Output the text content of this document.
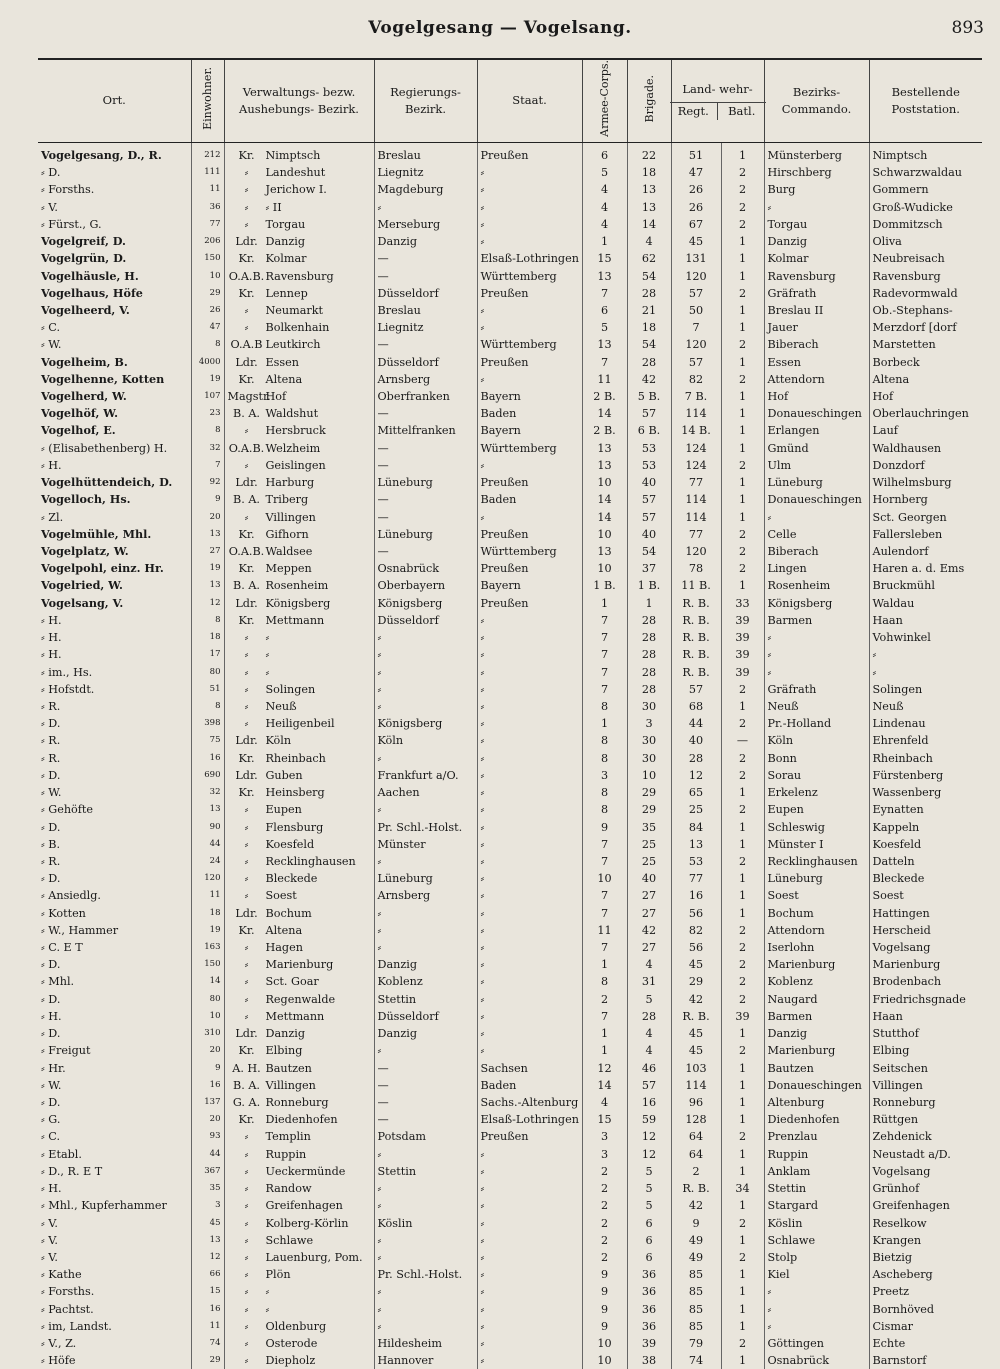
Vogelgesang — Vogelsang.	893
Ort.	Einwohner.	Verwaltungs- bezw. Aushebungs- Bezirk.	Regierungs- Bezirk.	Staat.	Armee-Corps.	Brigade.	Land- wehr-
Regt. Batl.		Bezirks- Commando.	Bestellende Poststation.
Vogelgesang, D., R.	212	Kr. Nimptsch	Breslau	Preußen	6	22	51	1	Münsterberg	Nimptsch
⸗ D.	111	⸗ Landeshut	Liegnitz	⸗	5	18	47	2	Hirschberg	Schwarzwaldau
⸗ Forsths.	11	⸗ Jerichow I.	Magdeburg	⸗	4	13	26	2	Burg	Gommern
⸗ V.	36	⸗ ⸗ II	⸗	⸗	4	13	26	2	⸗	Groß-Wudicke
⸗ Fürst., G.	77	⸗ Torgau	Merseburg	⸗	4	14	67	2	Torgau	Dommitzsch
Vogelgreif, D.	206	Ldr. Danzig	Danzig	⸗	1	4	45	1	Danzig	Oliva
Vogelgrün, D.	150	Kr. Kolmar	—	Elsaß-Lothringen	15	62	131	1	Kolmar	Neubreisach
Vogelhäusle, H.	10	O.A.B.Ravensburg	—	Württemberg	13	54	120	1	Ravensburg	Ravensburg
Vogelhaus, Höfe	29	Kr. Lennep	Düsseldorf	Preußen	7	28	57	2	Gräfrath	Radevormwald
Vogelheerd, V.	26	⸗ Neumarkt	Breslau	⸗	6	21	50	1	Breslau II	Ob.-Stephans-
⸗ C.	47	⸗ Bolkenhain	Liegnitz	⸗	5	18	7	1	Jauer	Merzdorf [dorf
⸗ W.	8	O.A.B Leutkirch	—	Württemberg	13	54	120	2	Biberach	Marstetten
Vogelheim, B.	4000	Ldr. Essen	Düsseldorf	Preußen	7	28	57	1	Essen	Borbeck
Vogelhenne, Kotten	19	Kr. Altena	Arnsberg	⸗	11	42	82	2	Attendorn	Altena
Vogelherd, W.	107	Magstr.Hof	Oberfranken	Bayern	2 B.	5 B.	7 B.	1	Hof	Hof
Vogelhöf, W.	23	B. A. Waldshut	—	Baden	14	57	114	1	Donaueschingen	Oberlauchringen
Vogelhof, E.	8	⸗ Hersbruck	Mittelfranken	Bayern	2 B.	6 B.	14 B.	1	Erlangen	Lauf
⸗ (Elisabethenberg) H.	32	O.A.B.Welzheim	—	Württemberg	13	53	124	1	Gmünd	Waldhausen
⸗ H.	7	⸗ Geislingen	—	⸗	13	53	124	2	Ulm	Donzdorf
Vogelhüttendeich, D.	92	Ldr. Harburg	Lüneburg	Preußen	10	40	77	1	Lüneburg	Wilhelmsburg
Vogelloch, Hs.	9	B. A. Triberg	—	Baden	14	57	114	1	Donaueschingen	Hornberg
⸗ Zl.	20	⸗ Villingen	—	⸗	14	57	114	1	⸗	Sct. Georgen
Vogelmühle, Mhl.	13	Kr. Gifhorn	Lüneburg	Preußen	10	40	77	2	Celle	Fallersleben
Vogelplatz, W.	27	O.A.B.Waldsee	—	Württemberg	13	54	120	2	Biberach	Aulendorf
Vogelpohl, einz. Hr.	19	Kr. Meppen	Osnabrück	Preußen	10	37	78	2	Lingen	Haren a. d. Ems
Vogelried, W.	13	B. A. Rosenheim	Oberbayern	Bayern	1 B.	1 B.	11 B.	1	Rosenheim	Bruckmühl
Vogelsang, V.	12	Ldr. Königsberg	Königsberg	Preußen	1	1	R. B.	33	Königsberg	Waldau
⸗ H.	8	Kr. Mettmann	Düsseldorf	⸗	7	28	R. B.	39	Barmen	Haan
⸗ H.	18	⸗ ⸗	⸗	⸗	7	28	R. B.	39	⸗	Vohwinkel
⸗ H.	17	⸗ ⸗	⸗	⸗	7	28	R. B.	39	⸗	⸗
⸗ im., Hs.	80	⸗ ⸗	⸗	⸗	7	28	R. B.	39	⸗	⸗
⸗ Hofstdt.	51	⸗ Solingen	⸗	⸗	7	28	57	2	Gräfrath	Solingen
⸗ R.	8	⸗ Neuß	⸗	⸗	8	30	68	1	Neuß	Neuß
⸗ D.	398	⸗ Heiligenbeil	Königsberg	⸗	1	3	44	2	Pr.-Holland	Lindenau
⸗ R.	75	Ldr. Köln	Köln	⸗	8	30	40	—	Köln	Ehrenfeld
⸗ R.	16	Kr. Rheinbach	⸗	⸗	8	30	28	2	Bonn	Rheinbach
⸗ D.	690	Ldr. Guben	Frankfurt a/O.	⸗	3	10	12	2	Sorau	Fürstenberg
⸗ W.	32	Kr. Heinsberg	Aachen	⸗	8	29	65	1	Erkelenz	Wassenberg
⸗ Gehöfte	13	⸗ Eupen	⸗	⸗	8	29	25	2	Eupen	Eynatten
⸗ D.	90	⸗ Flensburg	Pr. Schl.-Holst.	⸗	9	35	84	1	Schleswig	Kappeln
⸗ B.	44	⸗ Koesfeld	Münster	⸗	7	25	13	1	Münster I	Koesfeld
⸗ R.	24	⸗ Recklinghausen	⸗	⸗	7	25	53	2	Recklinghausen	Datteln
⸗ D.	120	⸗ Bleckede	Lüneburg	⸗	10	40	77	1	Lüneburg	Bleckede
⸗ Ansiedlg.	11	⸗ Soest	Arnsberg	⸗	7	27	16	1	Soest	Soest
⸗ Kotten	18	Ldr. Bochum	⸗	⸗	7	27	56	1	Bochum	Hattingen
⸗ W., Hammer	19	Kr. Altena	⸗	⸗	11	42	82	2	Attendorn	Herscheid
⸗ C. E T	163	⸗ Hagen	⸗	⸗	7	27	56	2	Iserlohn	Vogelsang
⸗ D.	150	⸗ Marienburg	Danzig	⸗	1	4	45	2	Marienburg	Marienburg
⸗ Mhl.	14	⸗ Sct. Goar	Koblenz	⸗	8	31	29	2	Koblenz	Brodenbach
⸗ D.	80	⸗ Regenwalde	Stettin	⸗	2	5	42	2	Naugard	Friedrichsgnade
⸗ H.	10	⸗ Mettmann	Düsseldorf	⸗	7	28	R. B.	39	Barmen	Haan
⸗ D.	310	Ldr. Danzig	Danzig	⸗	1	4	45	1	Danzig	Stutthof
⸗ Freigut	20	Kr. Elbing	⸗	⸗	1	4	45	2	Marienburg	Elbing
⸗ Hr.	9	A. H. Bautzen	—	Sachsen	12	46	103	1	Bautzen	Seitschen
⸗ W.	16	B. A. Villingen	—	Baden	14	57	114	1	Donaueschingen	Villingen
⸗ D.	137	G. A. Ronneburg	—	Sachs.-Altenburg	4	16	96	1	Altenburg	Ronneburg
⸗ G.	20	Kr. Diedenhofen	—	Elsaß-Lothringen	15	59	128	1	Diedenhofen	Rüttgen
⸗ C.	93	⸗ Templin	Potsdam	Preußen	3	12	64	2	Prenzlau	Zehdenick
⸗ Etabl.	44	⸗ Ruppin	⸗	⸗	3	12	64	1	Ruppin	Neustadt a/D.
⸗ D., R. E T	367	⸗ Ueckermünde	Stettin	⸗	2	5	2	1	Anklam	Vogelsang
⸗ H.	35	⸗ Randow	⸗	⸗	2	5	R. B.	34	Stettin	Grünhof
⸗ Mhl., Kupferhammer	3	⸗ Greifenhagen	⸗	⸗	2	5	42	1	Stargard	Greifenhagen
⸗ V.	45	⸗ Kolberg-Körlin	Köslin	⸗	2	6	9	2	Köslin	Reselkow
⸗ V.	13	⸗ Schlawe	⸗	⸗	2	6	49	1	Schlawe	Krangen
⸗ V.	12	⸗ Lauenburg, Pom.	⸗	⸗	2	6	49	2	Stolp	Bietzig
⸗ Kathe	66	⸗ Plön	Pr. Schl.-Holst.	⸗	9	36	85	1	Kiel	Ascheberg
⸗ Forsths.	15	⸗ ⸗	⸗	⸗	9	36	85	1	⸗	Preetz
⸗ Pachtst.	16	⸗ ⸗	⸗	⸗	9	36	85	1	⸗	Bornhöved
⸗ im, Landst.	11	⸗ Oldenburg	⸗	⸗	9	36	85	1	⸗	Cismar
⸗ V., Z.	74	⸗ Osterode	Hildesheim	⸗	10	39	79	2	Göttingen	Echte
⸗ Höfe	29	⸗ Diepholz	Hannover	⸗	10	38	74	1	Osnabrück	Barnstorf
